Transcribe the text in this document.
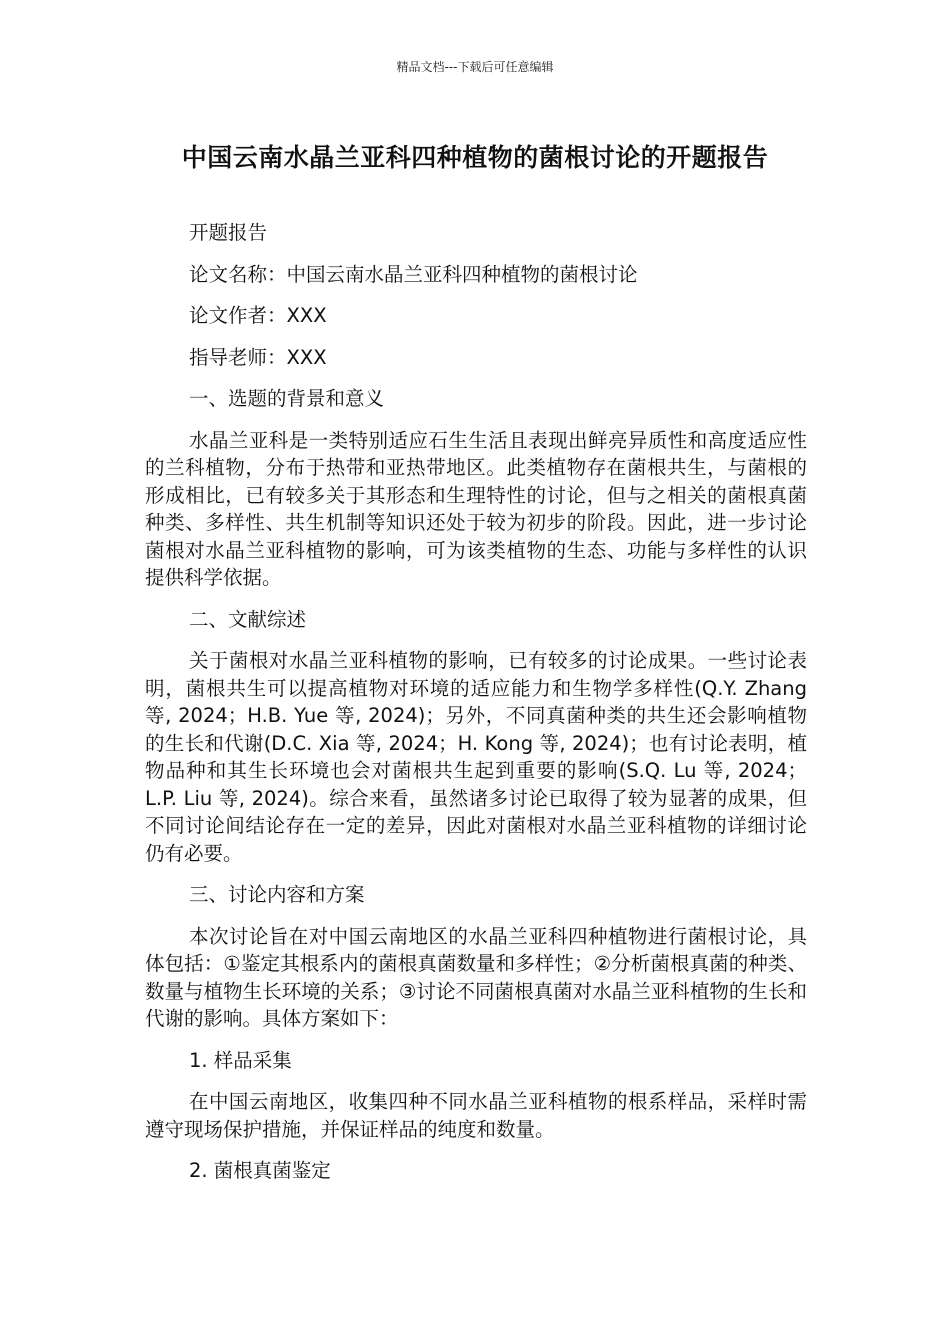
精品文档---下载后可任意编辑
中国云南水晶兰亚科四种植物的菌根讨论的开题报告

开题报告

论文名称：中国云南水晶兰亚科四种植物的菌根讨论

论文作者：XXX

指导老师：XXX

一、选题的背景和意义

水晶兰亚科是一类特别适应石生生活且表现出鲜亮异质性和高度适应性的兰科植物，分布于热带和亚热带地区。此类植物存在菌根共生，与菌根的形成相比，已有较多关于其形态和生理特性的讨论，但与之相关的菌根真菌种类、多样性、共生机制等知识还处于较为初步的阶段。因此，进一步讨论菌根对水晶兰亚科植物的影响，可为该类植物的生态、功能与多样性的认识提供科学依据。

二、文献综述

关于菌根对水晶兰亚科植物的影响，已有较多的讨论成果。一些讨论表明，菌根共生可以提高植物对环境的适应能力和生物学多样性(Q.Y. Zhang 等, 2024；H.B. Yue 等, 2024)；另外，不同真菌种类的共生还会影响植物的生长和代谢(D.C. Xia 等, 2024；H. Kong 等, 2024)；也有讨论表明，植物品种和其生长环境也会对菌根共生起到重要的影响(S.Q. Lu 等, 2024；L.P. Liu 等, 2024)。综合来看，虽然诸多讨论已取得了较为显著的成果，但不同讨论间结论存在一定的差异，因此对菌根对水晶兰亚科植物的详细讨论仍有必要。

三、讨论内容和方案

本次讨论旨在对中国云南地区的水晶兰亚科四种植物进行菌根讨论，具体包括：①鉴定其根系内的菌根真菌数量和多样性；②分析菌根真菌的种类、数量与植物生长环境的关系；③讨论不同菌根真菌对水晶兰亚科植物的生长和代谢的影响。具体方案如下：

1. 样品采集

在中国云南地区，收集四种不同水晶兰亚科植物的根系样品，采样时需遵守现场保护措施，并保证样品的纯度和数量。

2. 菌根真菌鉴定
